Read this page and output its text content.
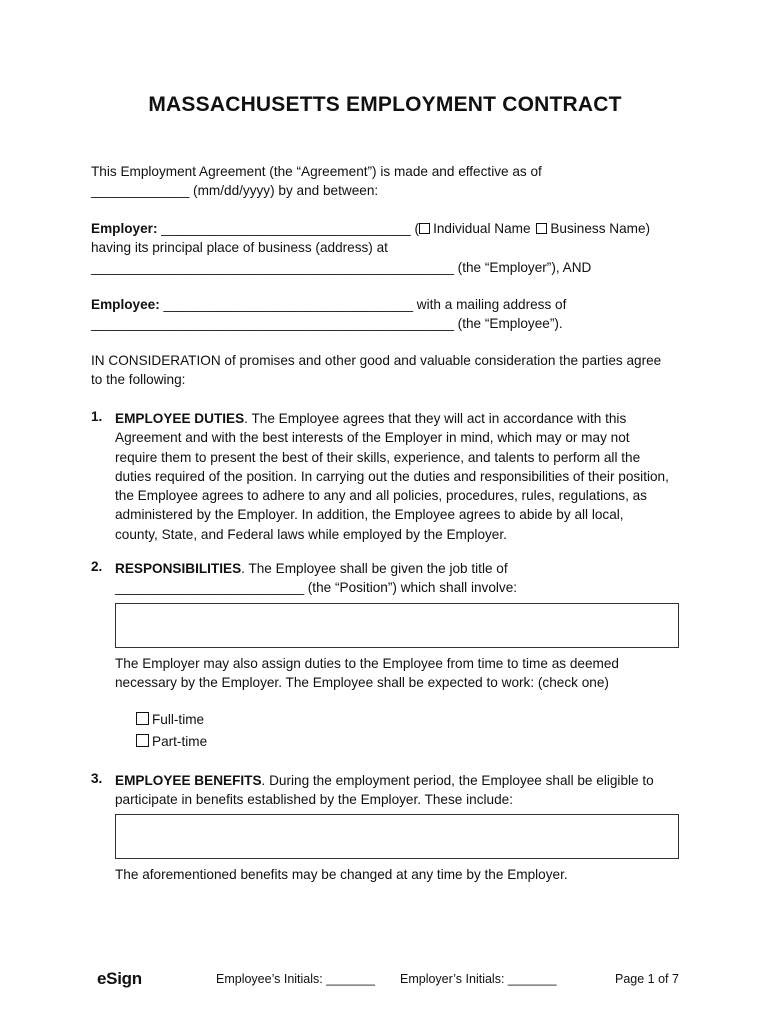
MASSACHUSETTS EMPLOYMENT CONTRACT
This Employment Agreement (the “Agreement”) is made and effective as of
_____________ (mm/dd/yyyy) by and between:
Employer: _________________________________ ( Individual Name Business Name)
having its principal place of business (address) at
________________________________________________ (the “Employer”), AND
Employee: _________________________________ with a mailing address of
________________________________________________ (the “Employee”).
IN CONSIDERATION of promises and other good and valuable consideration the parties agree
to the following:
1. EMPLOYEE DUTIES. The Employee agrees that they will act in accordance with this
Agreement and with the best interests of the Employer in mind, which may or may not
require them to present the best of their skills, experience, and talents to perform all the
duties required of the position. In carrying out the duties and responsibilities of their position,
the Employee agrees to adhere to any and all policies, procedures, rules, regulations, as
administered by the Employer. In addition, the Employee agrees to abide by all local,
county, State, and Federal laws while employed by the Employer.
2. RESPONSIBILITIES. The Employee shall be given the job title of
_________________________ (the “Position”) which shall involve:
The Employer may also assign duties to the Employee from time to time as deemed
necessary by the Employer. The Employee shall be expected to work: (check one)
Full-time
Part-time
3. EMPLOYEE BENEFITS. During the employment period, the Employee shall be eligible to
participate in benefits established by the Employer. These include:
The aforementioned benefits may be changed at any time by the Employer.
eSign	Employee’s Initials: _______ Employer’s Initials: _______	Page 1 of 7
